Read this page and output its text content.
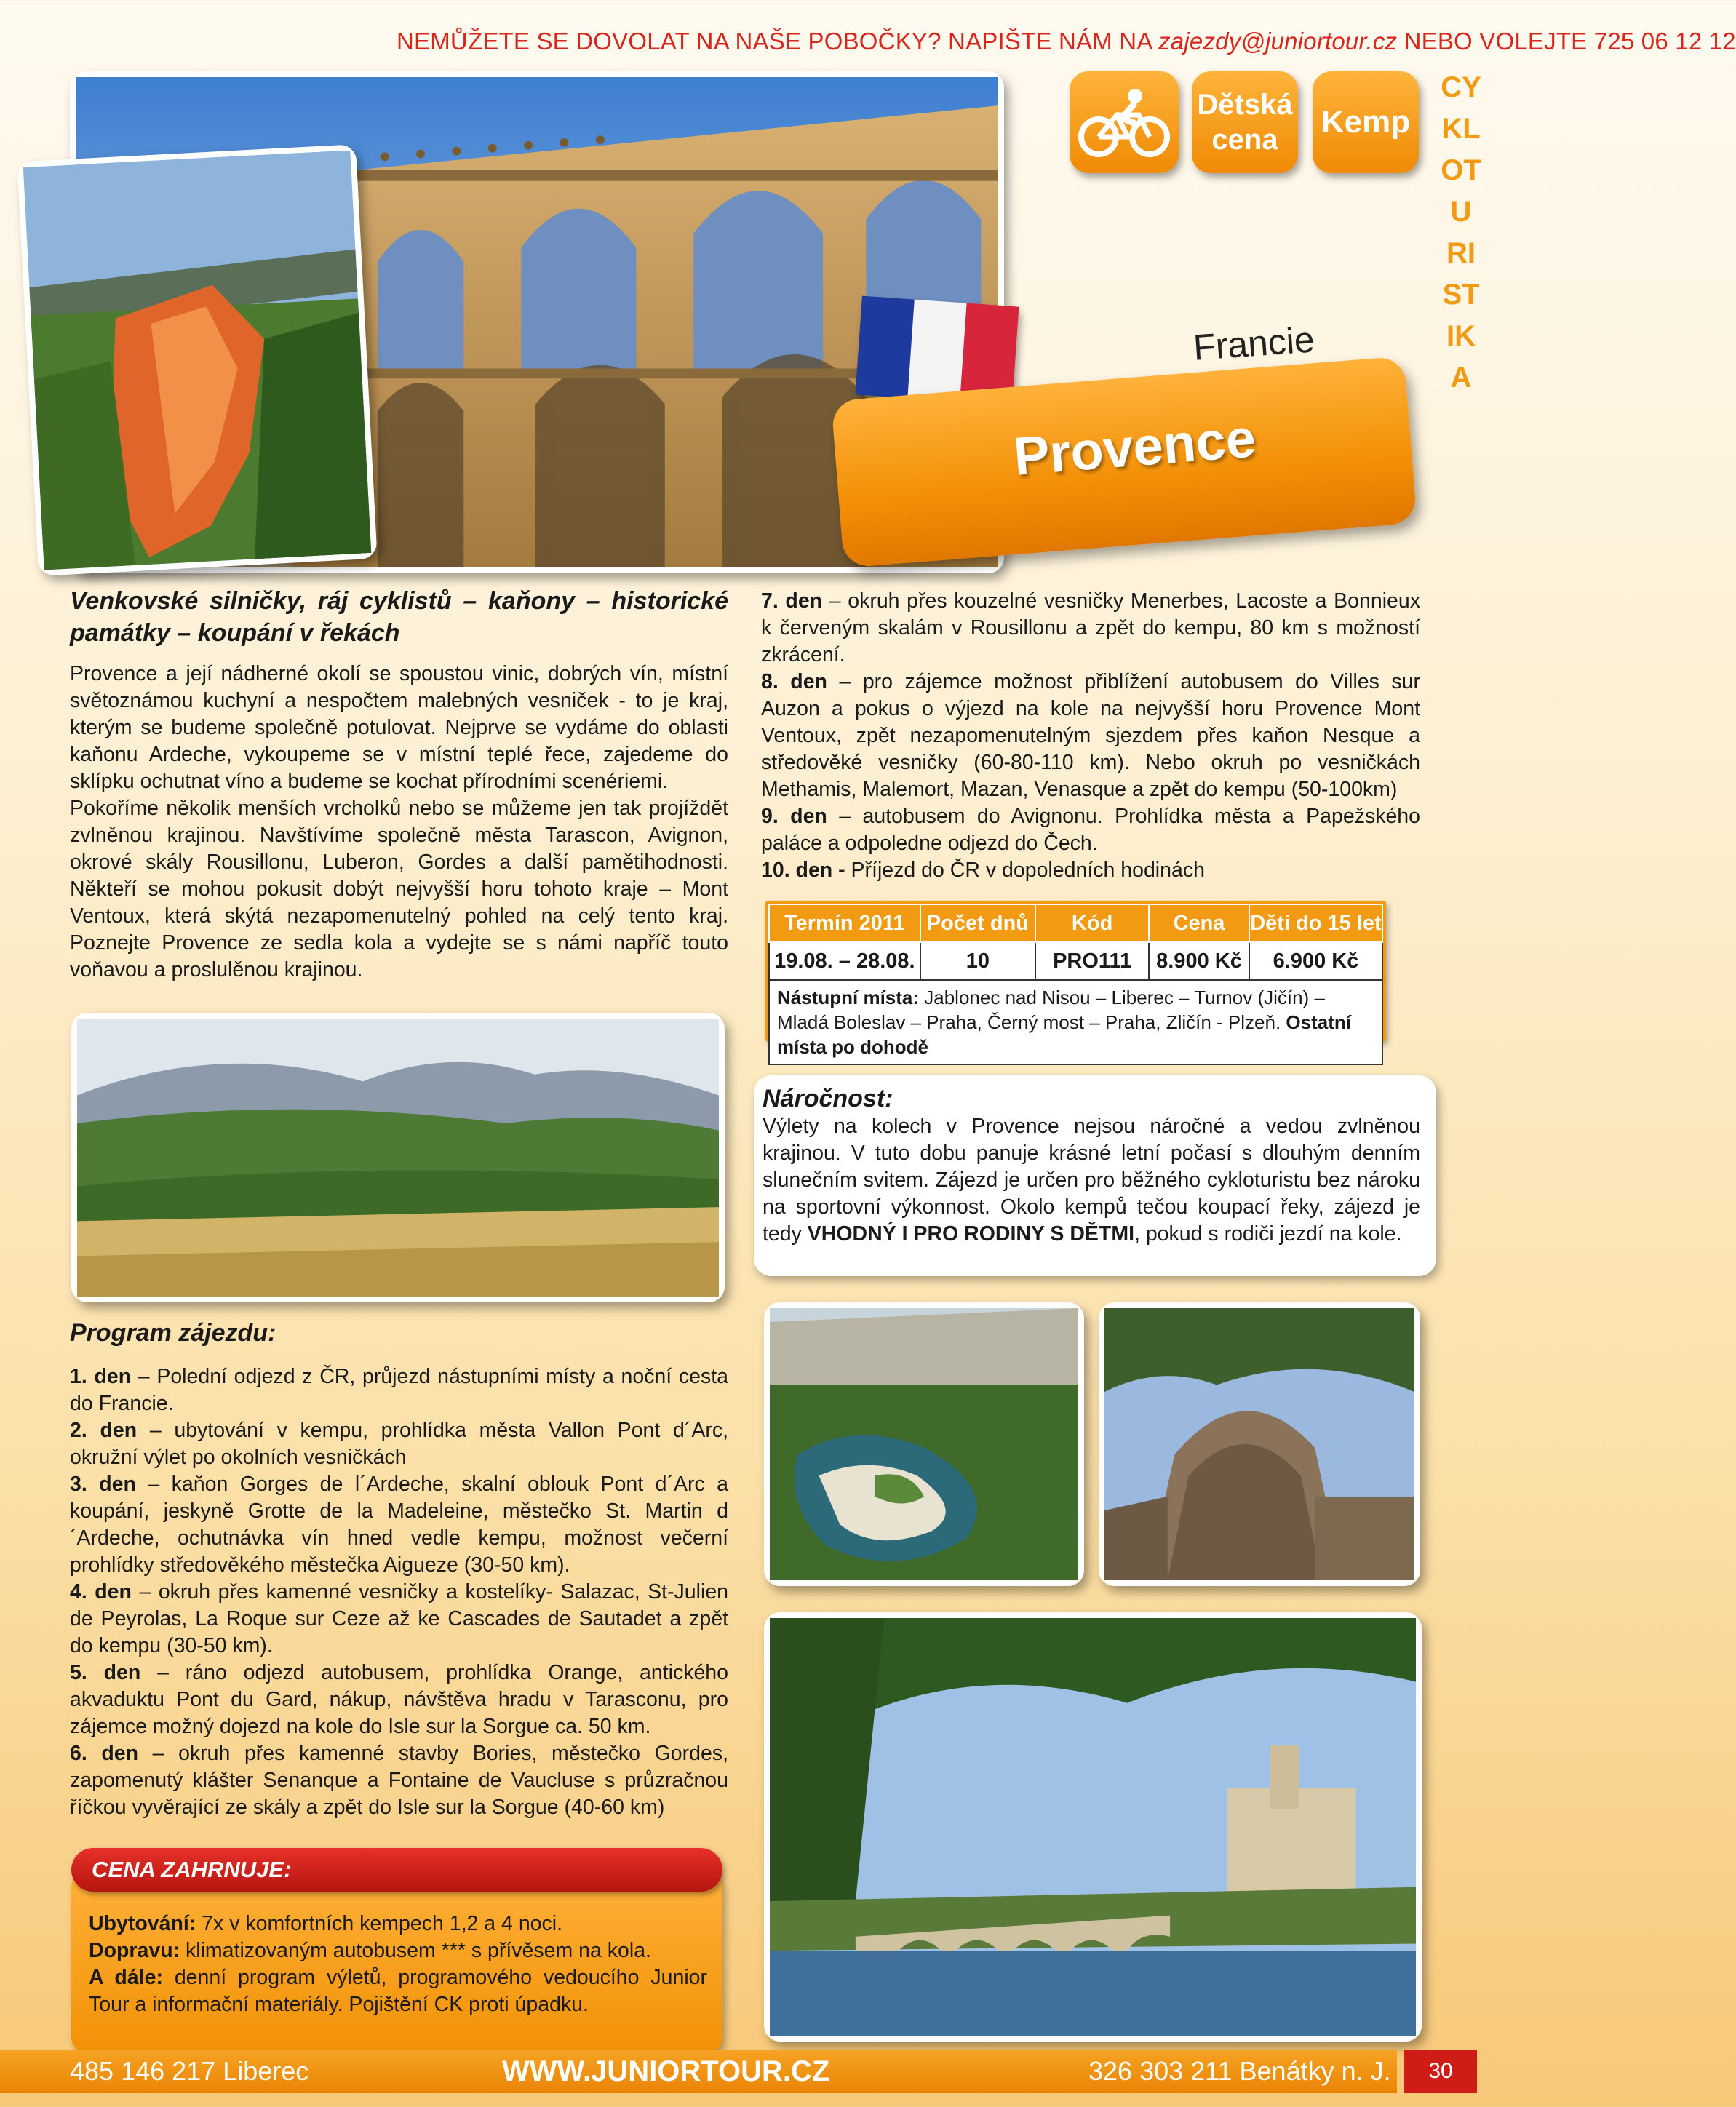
NEMŮŽETE SE DOVOLAT NA NAŠE POBOČKY? NAPIŠTE NÁM NA zajezdy@juniortour.cz NEBO VOLEJTE 725 06 12 12
Dětská cena	Kemp
CYKLOTURISTIKA
Francie
Provence
Venkovské silničky, ráj cyklistů – kaňony – historické památky – koupání v řekách

Provence a její nádherné okolí se spoustou vinic, dobrých vín, místní světoznámou kuchyní a nespočtem malebných vesniček - to je kraj, kterým se budeme společně potulovat. Nejprve se vydáme do oblasti kaňonu Ardeche, vykoupeme se v místní teplé řece, zajedeme do sklípku ochutnat víno a budeme se kochat přírodními scenériemi.

Pokoříme několik menších vrcholků nebo se můžeme jen tak projíždět zvlněnou krajinou. Navštívíme společně města Tarascon, Avignon, okrové skály Rousillonu, Luberon, Gordes a další pamětihodnosti. Někteří se mohou pokusit dobýt nejvyšší horu tohoto kraje – Mont Ventoux, která skýtá nezapomenutelný pohled na celý tento kraj. Poznejte Provence ze sedla kola a vydejte se s námi napříč touto voňavou a proslulěnou krajinou.

Program zájezdu:

1. den – Polední odjezd z ČR, průjezd nástupními místy a noční cesta do Francie.

2. den – ubytování v kempu, prohlídka města Vallon Pont d´Arc, okružní výlet po okolních vesničkách

3. den – kaňon Gorges de l´Ardeche, skalní oblouk Pont d´Arc a koupání, jeskyně Grotte de la Madeleine, městečko St. Martin d´Ardeche, ochutnávka vín hned vedle kempu, možnost večerní prohlídky středověkého městečka Aigueze (30-50 km).

4. den – okruh přes kamenné vesničky a kostelíky- Salazac, St-Julien de Peyrolas, La Roque sur Ceze až ke Cascades de Sautadet a zpět do kempu (30-50 km).

5. den – ráno odjezd autobusem, prohlídka Orange, antického akvaduktu Pont du Gard, nákup, návštěva hradu v Tarasconu, pro zájemce možný dojezd na kole do Isle sur la Sorgue ca. 50 km.

6. den – okruh přes kamenné stavby Bories, městečko Gordes, zapomenutý klášter Senanque a Fontaine de Vaucluse s průzračnou říčkou vyvěrající ze skály a zpět do Isle sur la Sorgue (40-60 km)

7. den – okruh přes kouzelné vesničky Menerbes, Lacoste a Bonnieux k červeným skalám v Rousillonu a zpět do kempu, 80 km s možností zkrácení.

8. den – pro zájemce možnost přiblížení autobusem do Villes sur Auzon a pokus o výjezd na kole na nejvyšší horu Provence Mont Ventoux, zpět nezapomenutelným sjezdem přes kaňon Nesque a středověké vesničky (60-80-110 km). Nebo okruh po vesničkách Methamis, Malemort, Mazan, Venasque a zpět do kempu (50-100km)

9. den – autobusem do Avignonu. Prohlídka města a Papežského paláce a odpoledne odjezd do Čech.

10. den - Příjezd do ČR v dopoledních hodinách

Termín 2011	Počet dnů	Kód	Cena	Děti do 15 let
19.08. – 28.08.	10	PRO111	8.900 Kč	6.900 Kč
Nástupní místa: Jablonec nad Nisou – Liberec – Turnov (Jičín) – Mladá Boleslav – Praha, Černý most – Praha, Zličín - Plzeň. Ostatní místa po dohodě				
Náročnost:

Výlety na kolech v Provence nejsou náročné a vedou zvlněnou krajinou. V tuto dobu panuje krásné letní počasí s dlouhým denním slunečním svitem. Zájezd je určen pro běžného cykloturistu bez nároku na sportovní výkonnost. Okolo kempů tečou koupací řeky, zájezd je tedy VHODNÝ I PRO RODINY S DĚTMI, pokud s rodiči jezdí na kole.

CENA ZAHRNUJE:

Ubytování: 7x v komfortních kempech 1,2 a 4 noci.

Dopravu: klimatizovaným autobusem *** s přívěsem na kola.

A dále: denní program výletů, programového vedoucího Junior Tour a informační materiály. Pojištění CK proti úpadku.

485 146 217 Liberec	WWW.JUNIORTOUR.CZ	326 303 211 Benátky n. J.	30
